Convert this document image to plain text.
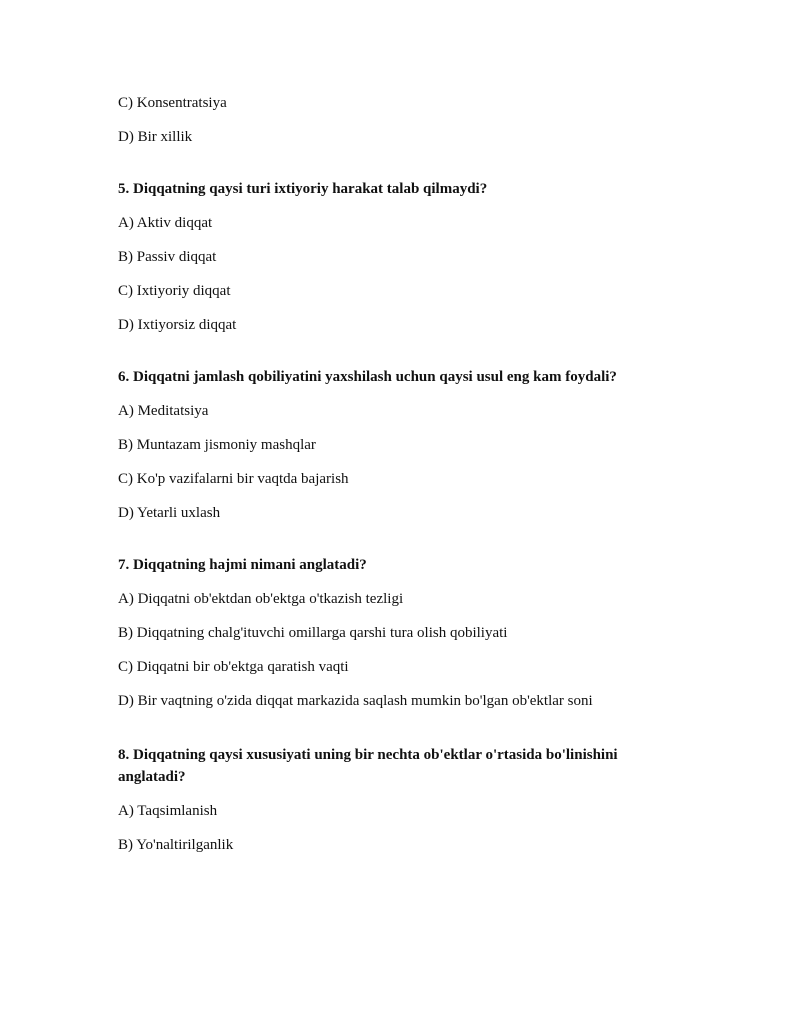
C) Konsentratsiya
D) Bir xillik
5. Diqqatning qaysi turi ixtiyoriy harakat talab qilmaydi?
A) Aktiv diqqat
B) Passiv diqqat
C) Ixtiyoriy diqqat
D) Ixtiyorsiz diqqat
6. Diqqatni jamlash qobiliyatini yaxshilash uchun qaysi usul eng kam foydali?
A) Meditatsiya
B) Muntazam jismoniy mashqlar
C) Ko'p vazifalarni bir vaqtda bajarish
D) Yetarli uxlash
7. Diqqatning hajmi nimani anglatadi?
A) Diqqatni ob'ektdan ob'ektga o'tkazish tezligi
B) Diqqatning chalg'ituvchi omillarga qarshi tura olish qobiliyati
C) Diqqatni bir ob'ektga qaratish vaqti
D) Bir vaqtning o'zida diqqat markazida saqlash mumkin bo'lgan ob'ektlar soni
8. Diqqatning qaysi xususiyati uning bir nechta ob'ektlar o'rtasida bo'linishini anglatadi?
A) Taqsimlanish
B) Yo'naltirilganlik
